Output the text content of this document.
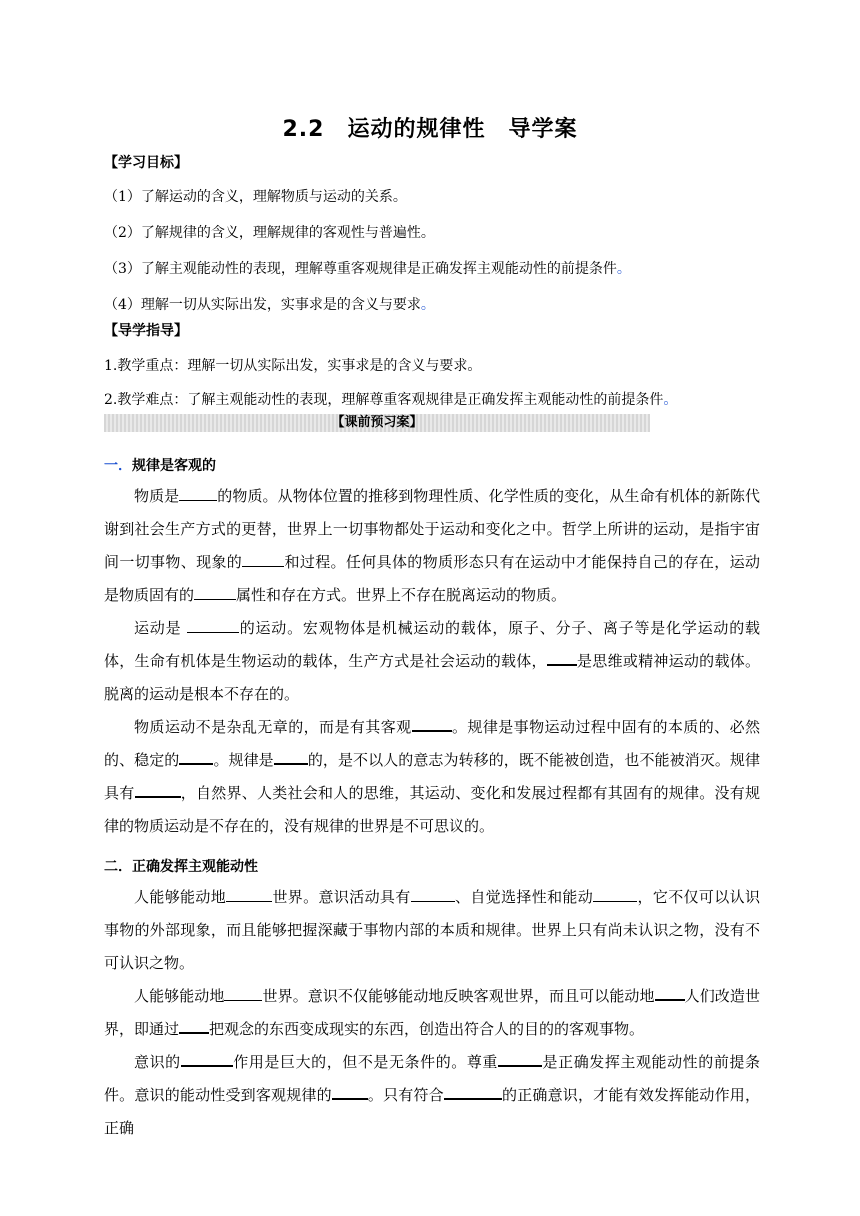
2.2　运动的规律性　导学案
【学习目标】
（1）了解运动的含义，理解物质与运动的关系。
（2）了解规律的含义，理解规律的客观性与普遍性。
（3）了解主观能动性的表现，理解尊重客观规律是正确发挥主观能动性的前提条件。
（4）理解一切从实际出发，实事求是的含义与要求。
【导学指导】
1.教学重点：理解一切从实际出发，实事求是的含义与要求。
2.教学难点：了解主观能动性的表现，理解尊重客观规律是正确发挥主观能动性的前提条件。
【课前预习案】
一．规律是客观的

物质是	的物质。从物体位置的推移到物理性质、化学性质的变化，从生命有机体的新陈代谢到社会生产方式的更替，世界上一切事物都处于运动和变化之中。哲学上所讲的运动，是指宇宙间一切事物、现象的	和过程。任何具体的物质形态只有在运动中才能保持自己的存在，运动是物质固有的	属性和存在方式。世界上不存在脱离运动的物质。

运动是	的运动。宏观物体是机械运动的载体，原子、分子、离子等是化学运动的载体，生命有机体是生物运动的载体，生产方式是社会运动的载体， 是思维或精神运动的载体。脱离的运动是根本不存在的。

物质运动不是杂乱无章的，而是有其客观	。规律是事物运动过程中固有的本质的、必然的、稳定的 。规律是 的，是不以人的意志为转移的，既不能被创造，也不能被消灭。规律具有	，自然界、人类社会和人的思维，其运动、变化和发展过程都有其固有的规律。没有规律的物质运动是不存在的，没有规律的世界是不可思议的。

二．正确发挥主观能动性

人能够能动地	世界。意识活动具有	、自觉选择性和能动	，它不仅可以认识事物的外部现象，而且能够把握深藏于事物内部的本质和规律。世界上只有尚未认识之物，没有不可认识之物。

人能够能动地	世界。意识不仅能够能动地反映客观世界，而且可以能动地 人们改造世界，即通过 把观念的东西变成现实的东西，创造出符合人的目的的客观事物。

意识的	作用是巨大的，但不是无条件的。尊重	是正确发挥主观能动性的前提条件。意识的能动性受到客观规律的 。只有符合	的正确意识，才能有效发挥能动作用，正确
